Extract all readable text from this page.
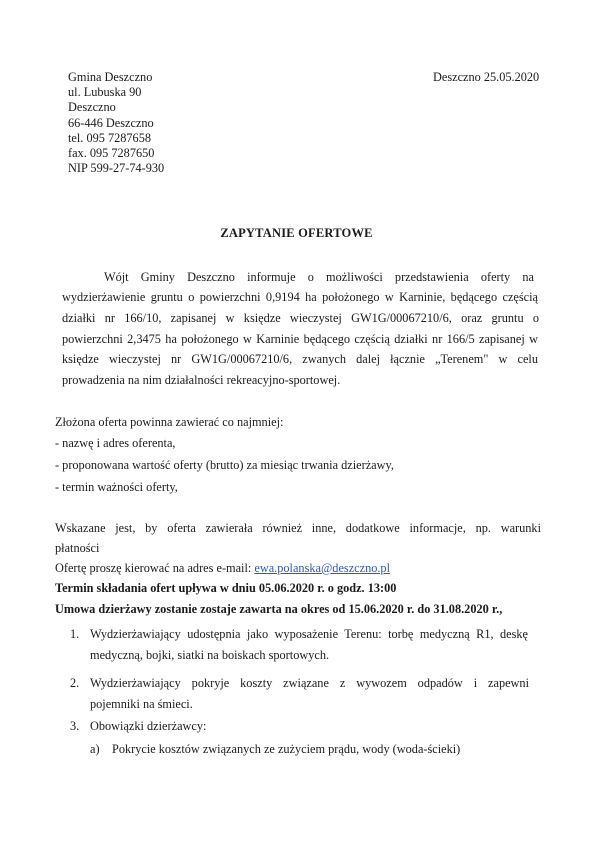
Gmina Deszczno
ul. Lubuska 90
Deszczno
66-446 Deszczno
tel. 095 7287658
fax. 095 7287650
NIP 599-27-74-930
Deszczno 25.05.2020
ZAPYTANIE OFERTOWE
Wójt Gminy Deszczno informuje o możliwości przedstawienia oferty na
wydzierżawienie gruntu o powierzchni 0,9194 ha położonego w Karninie, będącego częścią
działki nr 166/10, zapisanej w księdze wieczystej GW1G/00067210/6, oraz gruntu o
powierzchni 2,3475 ha położonego w Karninie będącego częścią działki nr 166/5 zapisanej w
księdze wieczystej nr GW1G/00067210/6, zwanych dalej łącznie „Terenem" w celu
prowadzenia na nim działalności rekreacyjno-sportowej.
Złożona oferta powinna zawierać co najmniej:
- nazwę i adres oferenta,
- proponowana wartość oferty (brutto) za miesiąc trwania dzierżawy,
- termin ważności oferty,
Wskazane jest, by oferta zawierała również inne, dodatkowe informacje, np. warunki
płatności
Ofertę proszę kierować na adres e-mail: ewa.polanska@deszczno.pl
Termin składania ofert upływa w dniu 05.06.2020 r. o godz. 13:00
Umowa dzierżawy zostanie zostaje zawarta na okres od 15.06.2020 r. do 31.08.2020 r.,
1. Wydzierżawiający udostępnia jako wyposażenie Terenu: torbę medyczną R1, deskę
medyczną, bojki, siatki na boiskach sportowych.
2. Wydzierżawiający pokryje koszty związane z wywozem odpadów i zapewni
pojemniki na śmieci.
3. Obowiązki dzierżawcy:
a) Pokrycie kosztów związanych ze zużyciem prądu, wody (woda-ścieki)
